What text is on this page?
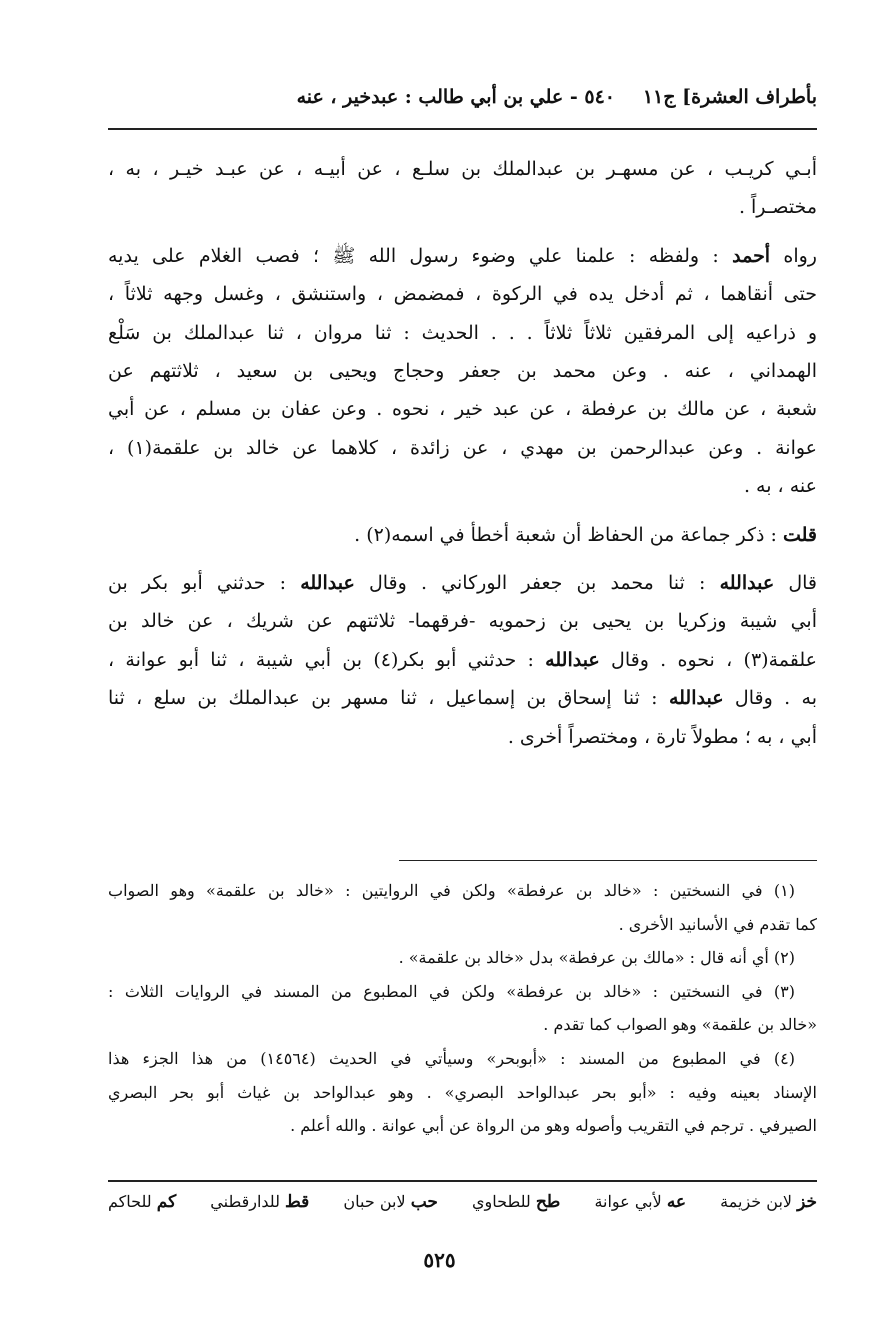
بأطراف العشرة] ج١١
٥٤٠ - علي بن أبي طالب : عبدخير ، عنه

أبـي كريـب ، عن مسهـر بن عبدالملك بن سلـع ، عن أبيـه ، عن عبـد خيـر ، به ،
مختصـراً .

رواه أحمد : ولفظه : علمنا علي وضوء رسول الله ﷺ ؛ فصب الغلام على يديه
حتى أنقاهما ، ثم أدخل يده في الركوة ، فمضمض ، واستنشق ، وغسل وجهه ثلاثاً ،
و ذراعيه إلى المرفقين ثلاثاً ثلاثاً . . . الحديث : ثنا مروان ، ثنا عبدالملك بن سَلْع
الهمداني ، عنه . وعن محمد بن جعفر وحجاج ويحيى بن سعيد ، ثلاثتهم عن
شعبة ، عن مالك بن عرفطة ، عن عبد خير ، نحوه . وعن عفان بن مسلم ، عن أبي
عوانة . وعن عبدالرحمن بن مهدي ، عن زائدة ، كلاهما عن خالد بن علقمة(١) ،
عنه ، به .

قلت : ذكر جماعة من الحفاظ أن شعبة أخطأ في اسمه(٢) .

قال عبدالله : ثنا محمد بن جعفر الوركاني . وقال عبدالله : حدثني أبو بكر بن
أبي شيبة وزكريا بن يحيى بن زحمويه -فرقهما- ثلاثتهم عن شريك ، عن خالد بن
علقمة(٣) ، نحوه . وقال عبدالله : حدثني أبو بكر(٤) بن أبي شيبة ، ثنا أبو عوانة ،
به . وقال عبدالله : ثنا إسحاق بن إسماعيل ، ثنا مسهر بن عبدالملك بن سلع ، ثنا
أبي ، به ؛ مطولاً تارة ، ومختصراً أخرى .

(١) في النسختين : «خالد بن عرفطة» ولكن في الروايتين : «خالد بن علقمة» وهو الصواب
كما تقدم في الأسانيد الأخرى .

(٢) أي أنه قال : «مالك بن عرفطة» بدل «خالد بن علقمة» .

(٣) في النسختين : «خالد بن عرفطة» ولكن في المطبوع من المسند في الروايات الثلاث :
«خالد بن علقمة» وهو الصواب كما تقدم .

(٤) في المطبوع من المسند : «أبوبحر» وسيأتي في الحديث (١٤٥٦٤) من هذا الجزء هذا
الإسناد بعينه وفيه : «أبو بحر عبدالواحد البصري» . وهو عبدالواحد بن غياث أبو بحر البصري
الصيرفي . ترجم في التقريب وأصوله وهو من الرواة عن أبي عوانة . والله أعلم .

خز لابن خزيمة
عه لأبي عوانة
طح للطحاوي
حب لابن حبان
قط للدارقطني
كم للحاكم
٥٢٥
